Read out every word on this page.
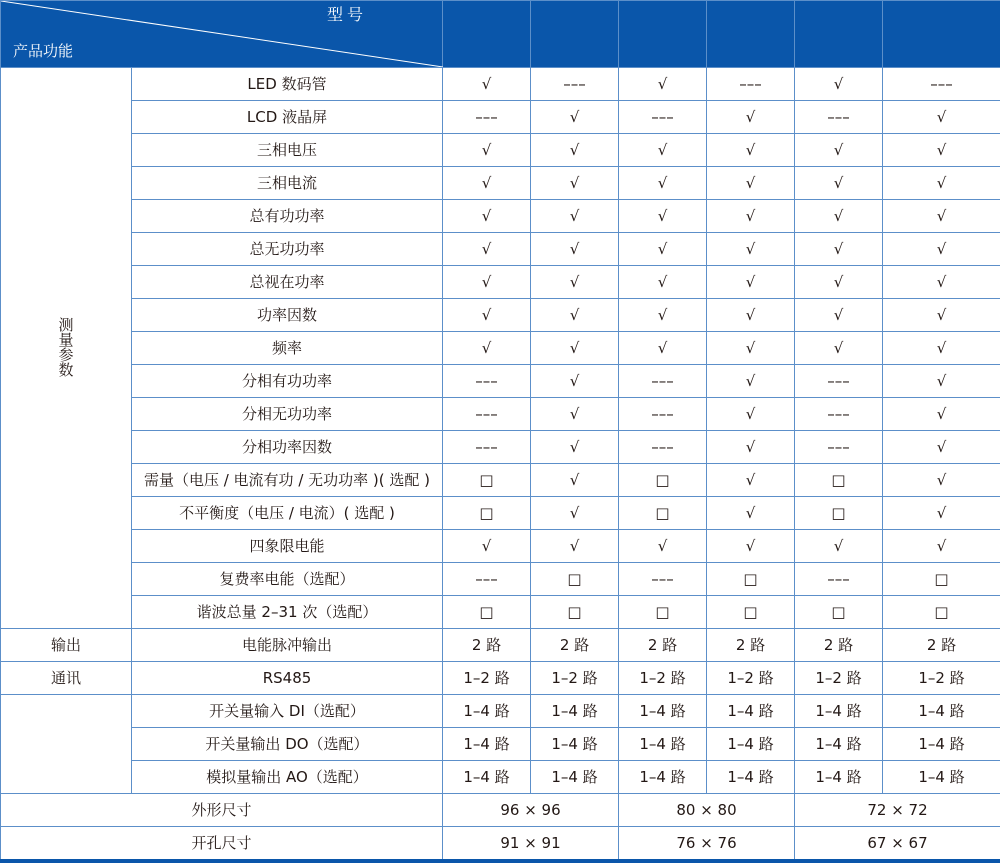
型号
产品功能							

测量参数	LED 数码管	√	–––	√	–––	√	–––
	LCD 液晶屏	–––	√	–––	√	–––	√
	三相电压	√	√	√	√	√	√
	三相电流	√	√	√	√	√	√
	总有功功率	√	√	√	√	√	√
	总无功功率	√	√	√	√	√	√
	总视在功率	√	√	√	√	√	√
	功率因数	√	√	√	√	√	√
	频率	√	√	√	√	√	√
	分相有功功率	–––	√	–––	√	–––	√
	分相无功功率	–––	√	–––	√	–––	√
	分相功率因数	–––	√	–––	√	–––	√
	需量（电压 / 电流有功 / 无功功率 )( 选配 )	□	√	□	√	□	√
	不平衡度（电压 / 电流）( 选配 )	□	√	□	√	□	√
	四象限电能	√	√	√	√	√	√
	复费率电能（选配）	–––	□	–––	□	–––	□
	谐波总量 2–31 次（选配）	□	□	□	□	□	□
输出	电能脉冲输出	2 路	2 路	2 路	2 路	2 路	2 路
通讯	RS485	1–2 路	1–2 路	1–2 路	1–2 路	1–2 路	1–2 路
	开关量输入 DI（选配）	1–4 路	1–4 路	1–4 路	1–4 路	1–4 路	1–4 路
	开关量输出 DO（选配）	1–4 路	1–4 路	1–4 路	1–4 路	1–4 路	1–4 路
	模拟量输出 AO（选配）	1–4 路	1–4 路	1–4 路	1–4 路	1–4 路	1–4 路
外形尺寸		96 × 96		80 × 80		72 × 72	
开孔尺寸		91 × 91		76 × 76		67 × 67	
